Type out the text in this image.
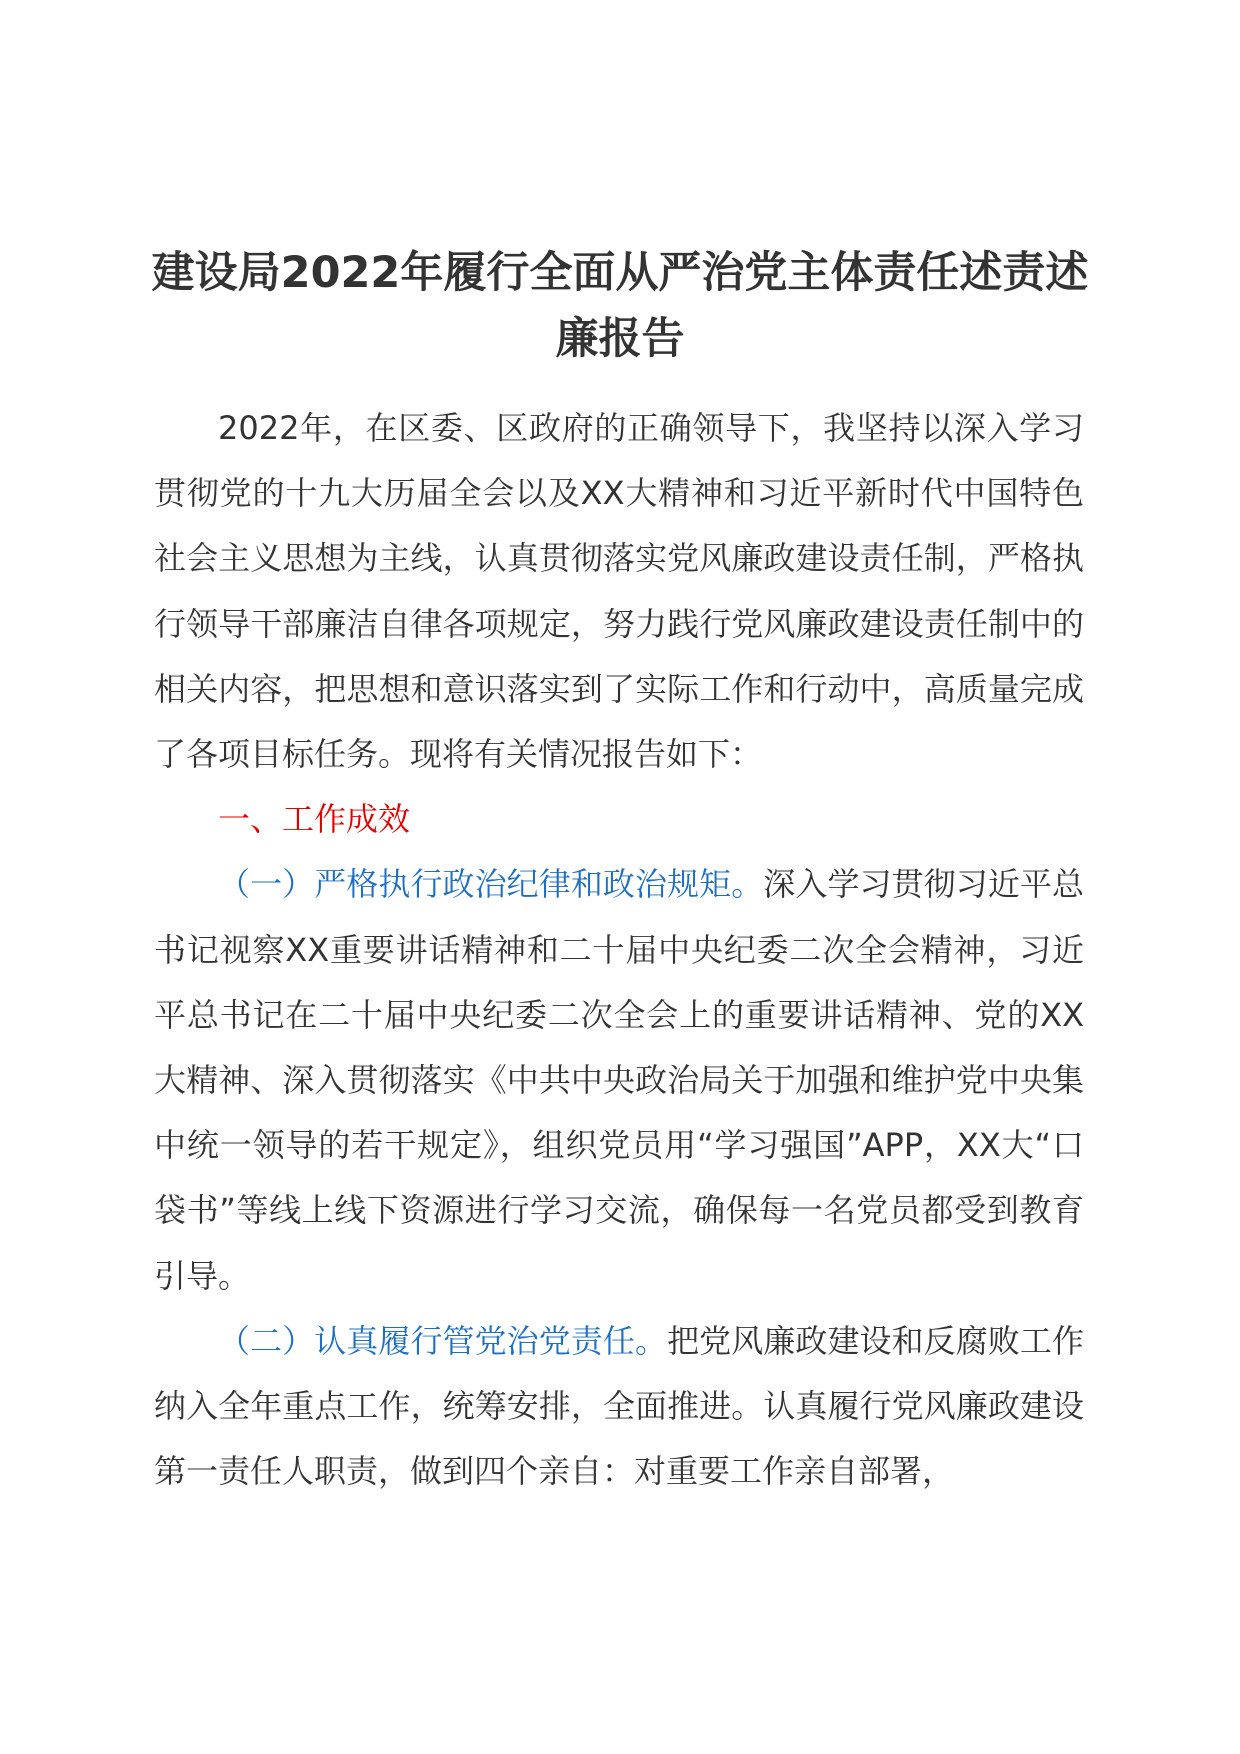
建设局2022年履行全面从严治党主体责任述责述廉报告

2022年，在区委、区政府的正确领导下，我坚持以深入学习贯彻党的十九大历届全会以及XX大精神和习近平新时代中国特色社会主义思想为主线，认真贯彻落实党风廉政建设责任制，严格执行领导干部廉洁自律各项规定，努力践行党风廉政建设责任制中的相关内容，把思想和意识落实到了实际工作和行动中，高质量完成了各项目标任务。现将有关情况报告如下：

一、工作成效

（一）严格执行政治纪律和政治规矩。深入学习贯彻习近平总书记视察XX重要讲话精神和二十届中央纪委二次全会精神，习近平总书记在二十届中央纪委二次全会上的重要讲话精神、党的XX大精神、深入贯彻落实《中共中央政治局关于加强和维护党中央集中统一领导的若干规定》，组织党员用“学习强国”APP，XX大“口袋书”等线上线下资源进行学习交流，确保每一名党员都受到教育引导。

（二）认真履行管党治党责任。把党风廉政建设和反腐败工作纳入全年重点工作，统筹安排，全面推进。认真履行党风廉政建设第一责任人职责，做到四个亲自：对重要工作亲自部署，
